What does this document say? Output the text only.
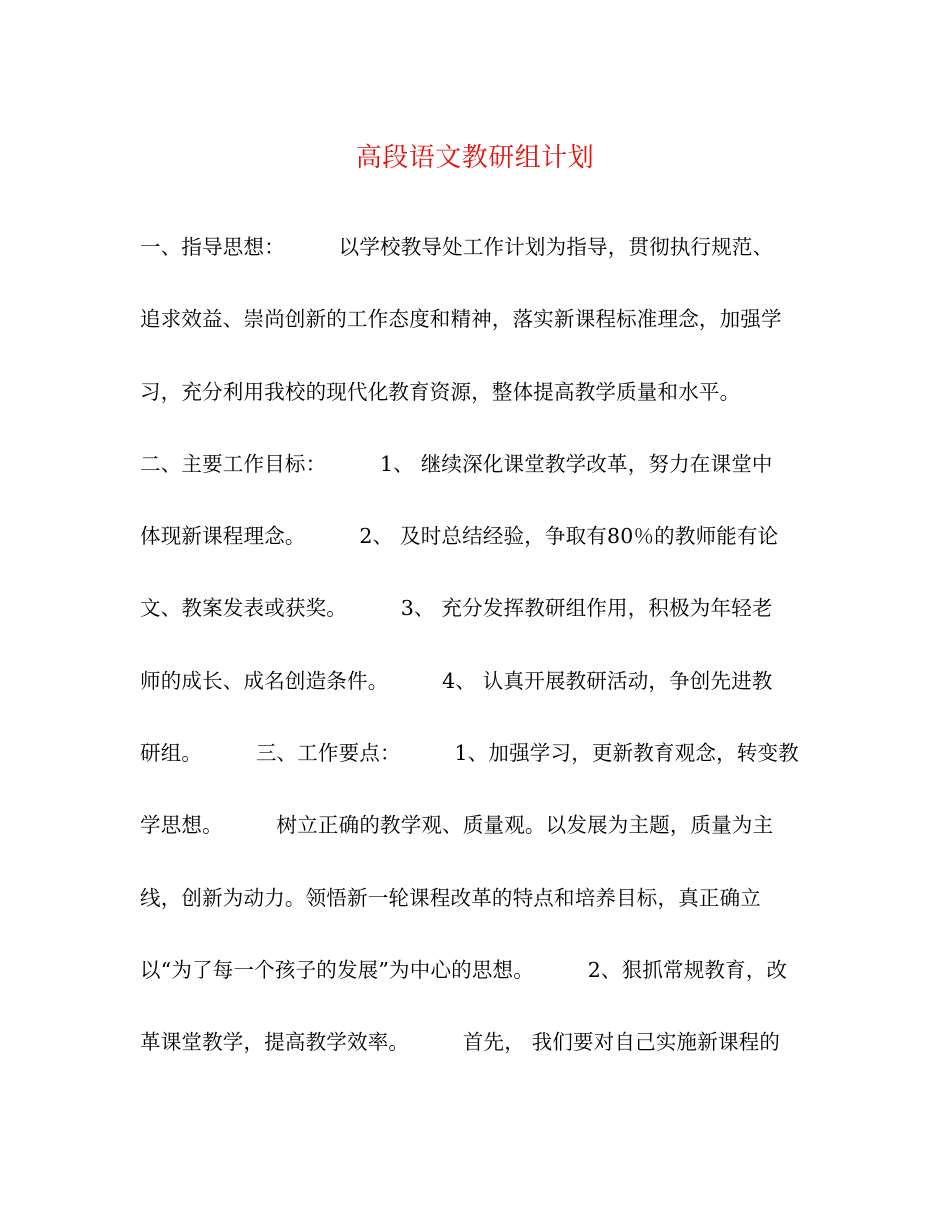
高段语文教研组计划
一、指导思想：        以学校教导处工作计划为指导，贯彻执行规范、
追求效益、崇尚创新的工作态度和精神，落实新课程标准理念，加强学
习，充分利用我校的现代化教育资源，整体提高教学质量和水平。
二、主要工作目标：        1、 继续深化课堂教学改革，努力在课堂中
体现新课程理念。        2、 及时总结经验，争取有80％的教师能有论
文、教案发表或获奖。        3、 充分发挥教研组作用，积极为年轻老
师的成长、成名创造条件。        4、 认真开展教研活动，争创先进教
研组。        三、工作要点：        1、加强学习，更新教育观念，转变教
学思想。        树立正确的教学观、质量观。以发展为主题，质量为主
线，创新为动力。领悟新一轮课程改革的特点和培养目标，真正确立
以“为了每一个孩子的发展”为中心的思想。        2、狠抓常规教育，改
革课堂教学，提高教学效率。        首先， 我们要对自己实施新课程的
